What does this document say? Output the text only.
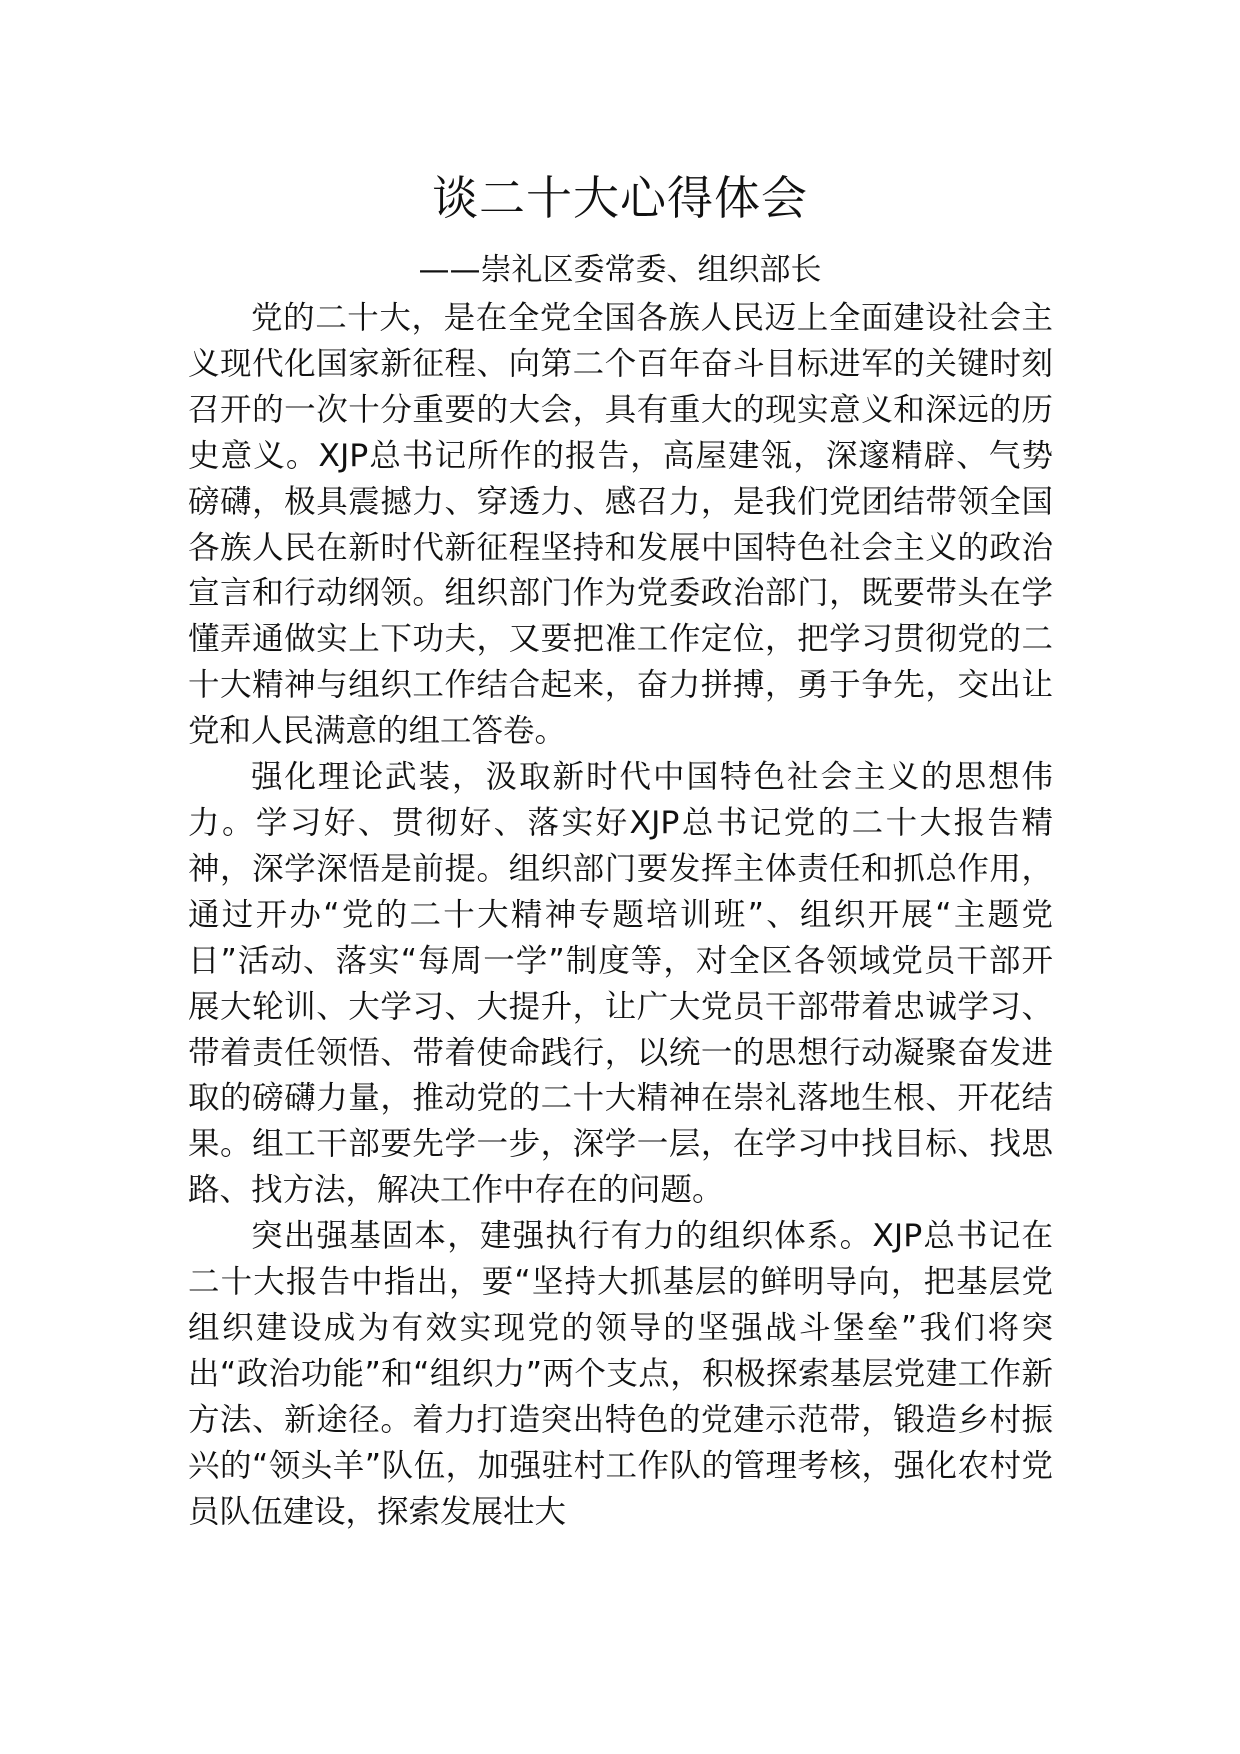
谈二十大心得体会
——崇礼区委常委、组织部长

党的二十大，是在全党全国各族人民迈上全面建设社会主义现代化国家新征程、向第二个百年奋斗目标进军的关键时刻召开的一次十分重要的大会，具有重大的现实意义和深远的历史意义。XJP总书记所作的报告，高屋建瓴，深邃精辟、气势磅礴，极具震撼力、穿透力、感召力，是我们党团结带领全国各族人民在新时代新征程坚持和发展中国特色社会主义的政治宣言和行动纲领。组织部门作为党委政治部门，既要带头在学懂弄通做实上下功夫，又要把准工作定位，把学习贯彻党的二十大精神与组织工作结合起来，奋力拼搏，勇于争先，交出让党和人民满意的组工答卷。

强化理论武装，汲取新时代中国特色社会主义的思想伟力。学习好、贯彻好、落实好XJP总书记党的二十大报告精神，深学深悟是前提。组织部门要发挥主体责任和抓总作用，通过开办“党的二十大精神专题培训班”、组织开展“主题党日”活动、落实“每周一学”制度等，对全区各领域党员干部开展大轮训、大学习、大提升，让广大党员干部带着忠诚学习、带着责任领悟、带着使命践行，以统一的思想行动凝聚奋发进取的磅礴力量，推动党的二十大精神在崇礼落地生根、开花结果。组工干部要先学一步，深学一层，在学习中找目标、找思路、找方法，解决工作中存在的问题。

突出强基固本，建强执行有力的组织体系。XJP总书记在二十大报告中指出，要“坚持大抓基层的鲜明导向，把基层党组织建设成为有效实现党的领导的坚强战斗堡垒”我们将突出“政治功能”和“组织力”两个支点，积极探索基层党建工作新方法、新途径。着力打造突出特色的党建示范带，锻造乡村振兴的“领头羊”队伍，加强驻村工作队的管理考核，强化农村党员队伍建设，探索发展壮大
